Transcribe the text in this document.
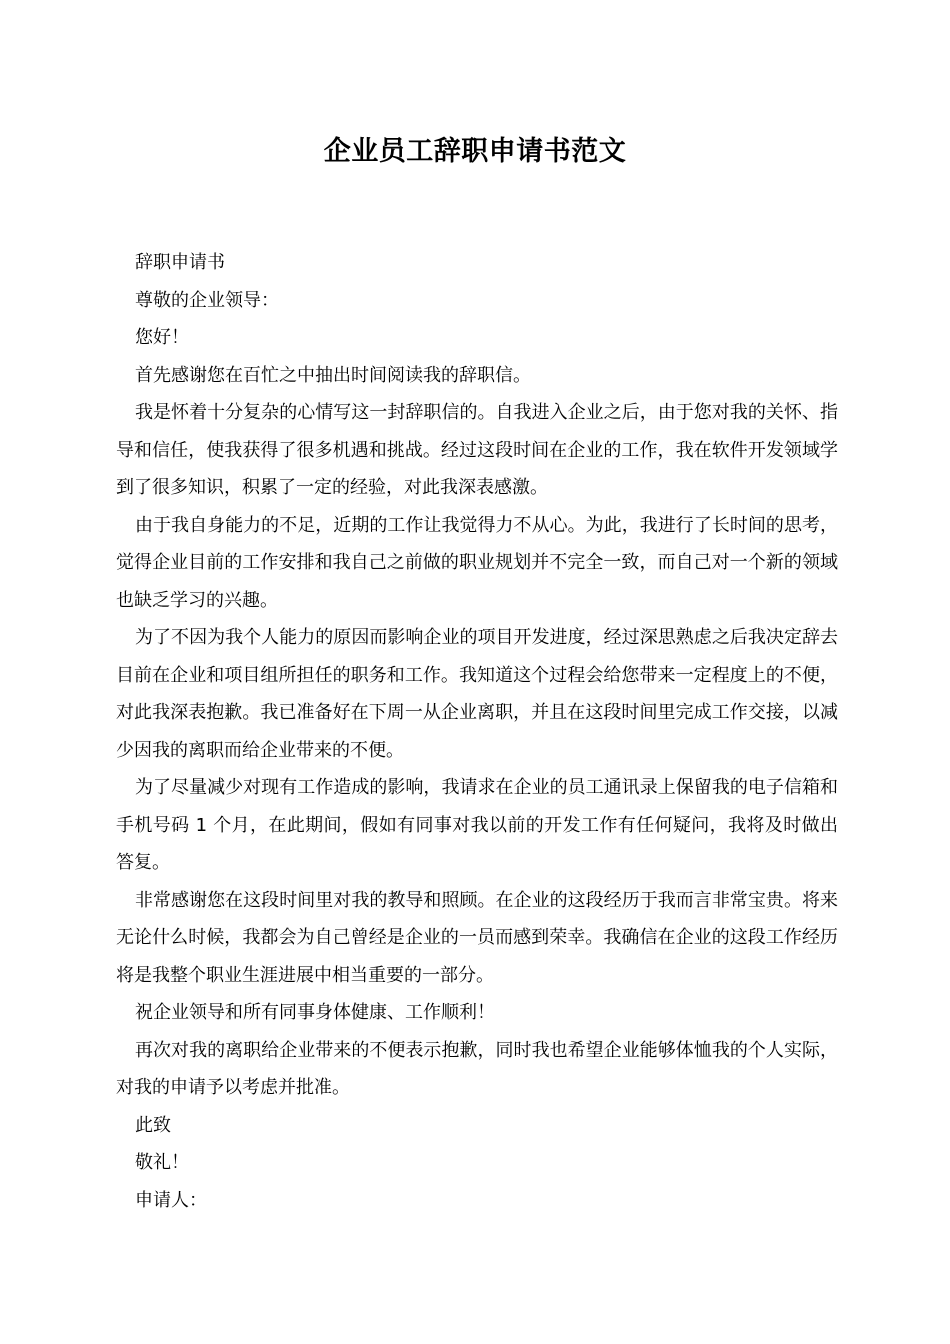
企业员工辞职申请书范文

辞职申请书

尊敬的企业领导：

您好！

首先感谢您在百忙之中抽出时间阅读我的辞职信。

我是怀着十分复杂的心情写这一封辞职信的。自我进入企业之后，由于您对我的关怀、指导和信任，使我获得了很多机遇和挑战。经过这段时间在企业的工作，我在软件开发领域学到了很多知识，积累了一定的经验，对此我深表感激。

由于我自身能力的不足，近期的工作让我觉得力不从心。为此，我进行了长时间的思考，觉得企业目前的工作安排和我自己之前做的职业规划并不完全一致，而自己对一个新的领域也缺乏学习的兴趣。

为了不因为我个人能力的原因而影响企业的项目开发进度，经过深思熟虑之后我决定辞去目前在企业和项目组所担任的职务和工作。我知道这个过程会给您带来一定程度上的不便，对此我深表抱歉。我已准备好在下周一从企业离职，并且在这段时间里完成工作交接，以减少因我的离职而给企业带来的不便。

为了尽量减少对现有工作造成的影响，我请求在企业的员工通讯录上保留我的电子信箱和手机号码 1 个月，在此期间，假如有同事对我以前的开发工作有任何疑问，我将及时做出答复。

非常感谢您在这段时间里对我的教导和照顾。在企业的这段经历于我而言非常宝贵。将来无论什么时候，我都会为自己曾经是企业的一员而感到荣幸。我确信在企业的这段工作经历将是我整个职业生涯进展中相当重要的一部分。

祝企业领导和所有同事身体健康、工作顺利！

再次对我的离职给企业带来的不便表示抱歉，同时我也希望企业能够体恤我的个人实际，对我的申请予以考虑并批准。

此致

敬礼！

申请人：
